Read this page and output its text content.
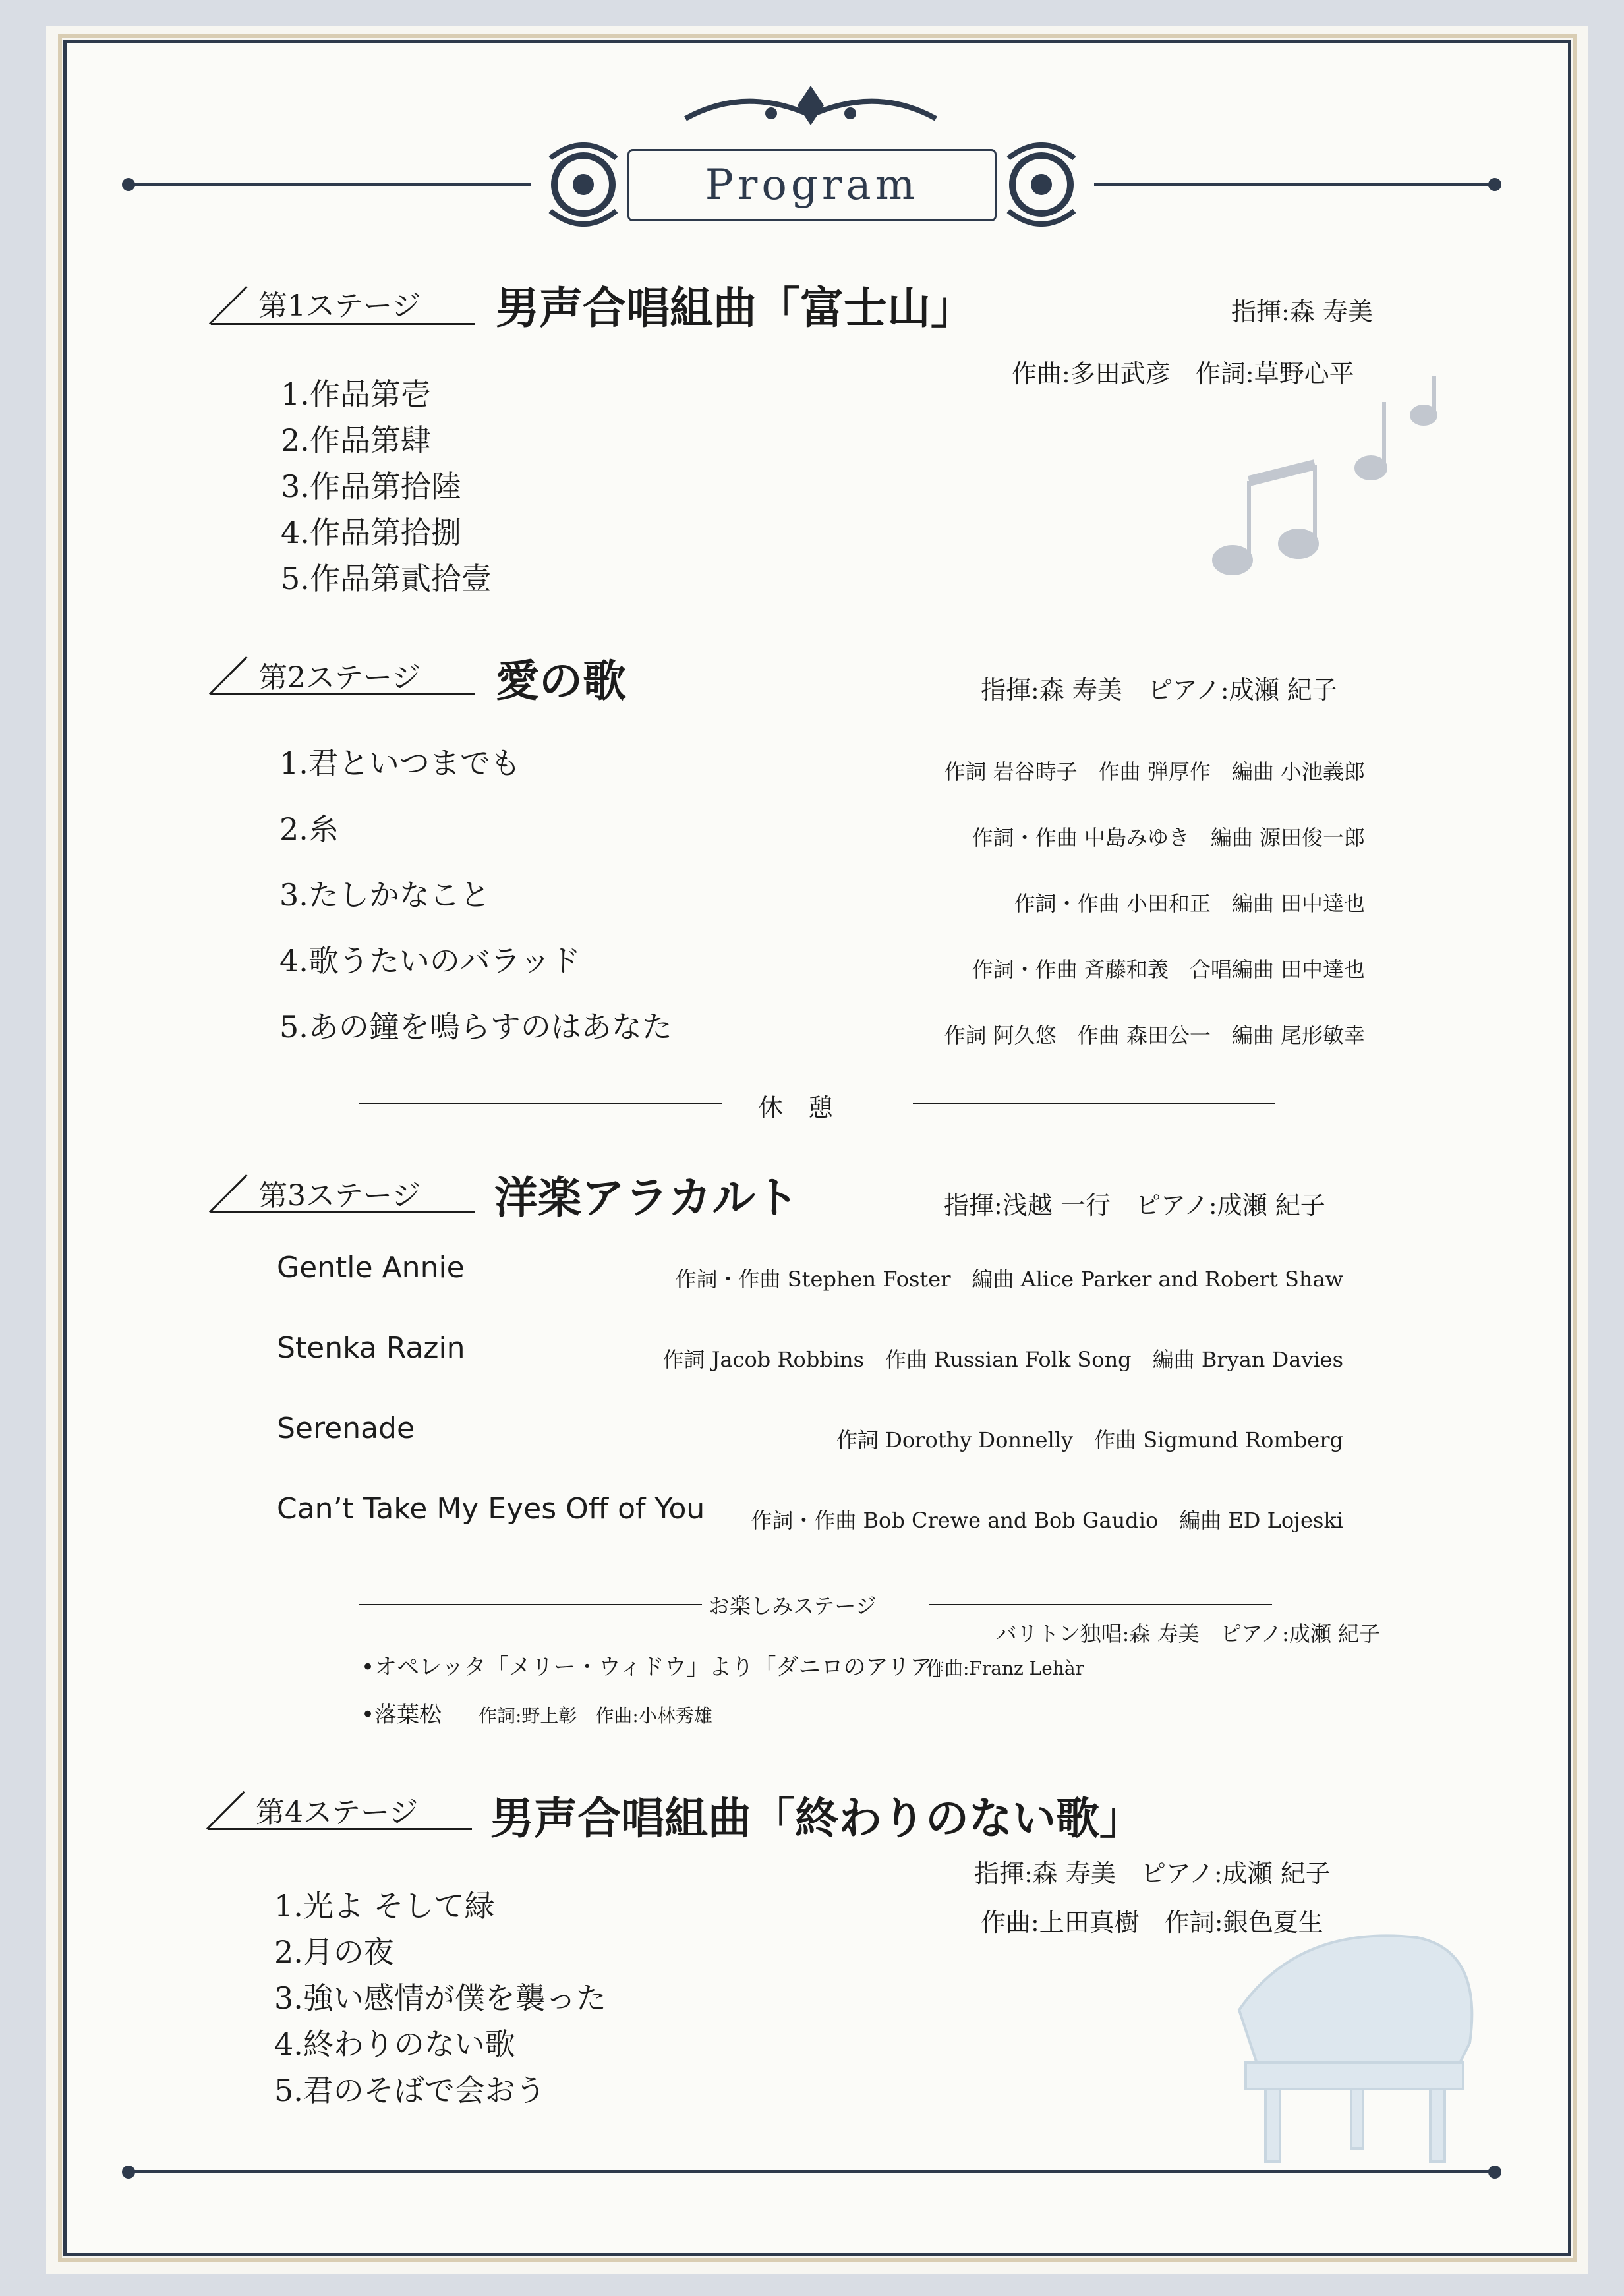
Program
第1ステージ 男声合唱組曲「富士山」	指揮:森 寿美
作曲:多田武彦　作詞:草野心平
1.作品第壱
2.作品第肆
3.作品第拾陸
4.作品第拾捌
5.作品第貳拾壹
第2ステージ 愛の歌	指揮:森 寿美　ピアノ:成瀬 紀子
1.君といつまでも	作詞 岩谷時子　作曲 弾厚作　編曲 小池義郎
2.糸	作詞・作曲 中島みゆき　編曲 源田俊一郎
3.たしかなこと	作詞・作曲 小田和正　編曲 田中達也
4.歌うたいのバラッド	作詞・作曲 斉藤和義　合唱編曲 田中達也
5.あの鐘を鳴らすのはあなた	作詞 阿久悠　作曲 森田公一　編曲 尾形敏幸
休　憩
第3ステージ 洋楽アラカルト	指揮:浅越 一行　ピアノ:成瀬 紀子
Gentle Annie	作詞・作曲 Stephen Foster　編曲 Alice Parker and Robert Shaw
Stenka Razin	作詞 Jacob Robbins　作曲 Russian Folk Song　編曲 Bryan Davies
Serenade	作詞 Dorothy Donnelly　作曲 Sigmund Romberg
Can’t Take My Eyes Off of You 作詞・作曲 Bob Crewe and Bob Gaudio　編曲 ED Lojeski
お楽しみステージ
バリトン独唱:森 寿美　ピアノ:成瀬 紀子
•オペレッタ「メリー・ウィドウ」より「ダニロのアリア」
作曲:Franz Lehàr
•落葉松 作詞:野上彰　作曲:小林秀雄
第4ステージ 男声合唱組曲「終わりのない歌」
指揮:森 寿美　ピアノ:成瀬 紀子
作曲:上田真樹　作詞:銀色夏生
1.光よ そして緑
2.月の夜
3.強い感情が僕を襲った
4.終わりのない歌
5.君のそばで会おう
